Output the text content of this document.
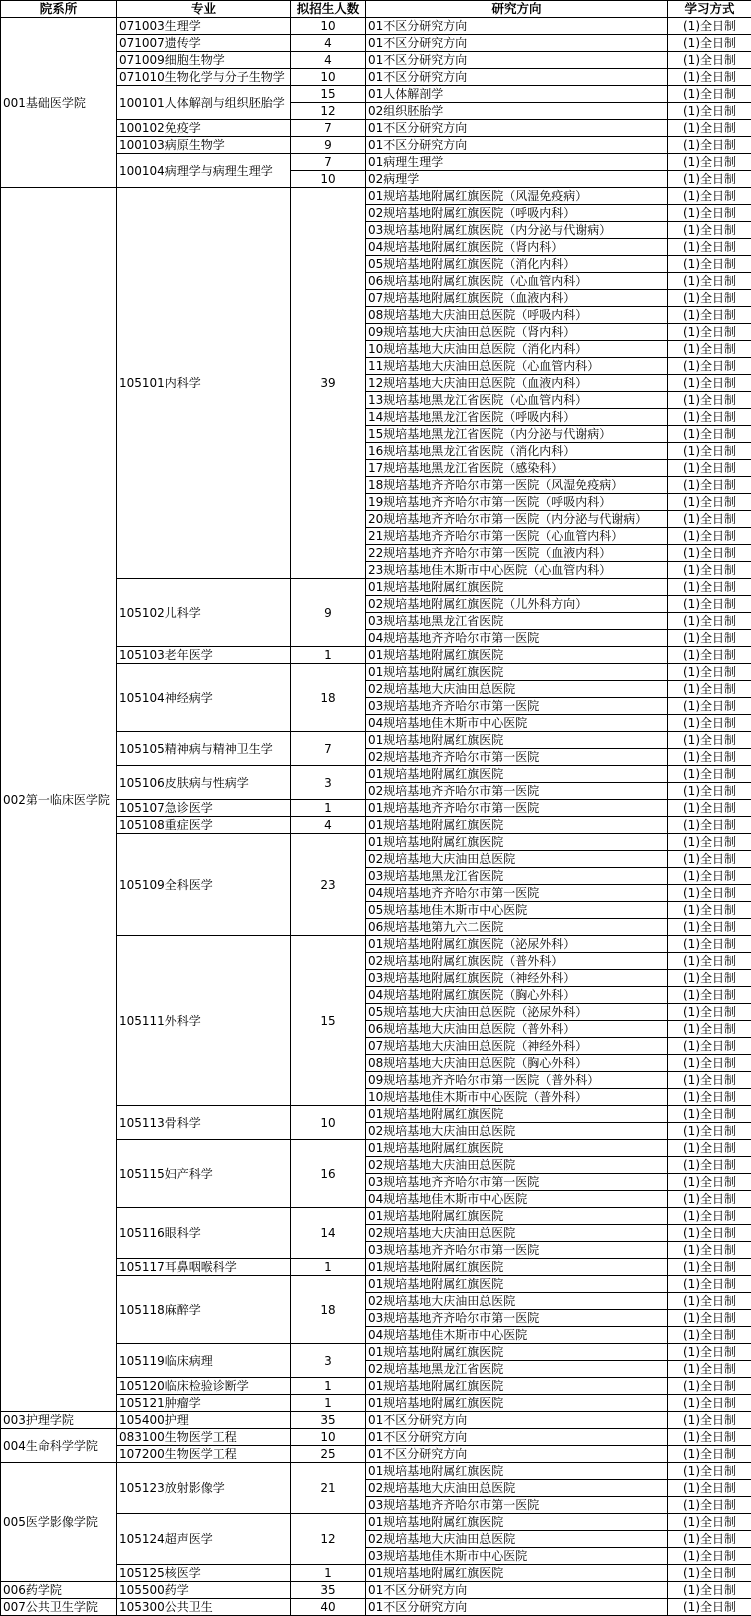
院系所	专业	拟招生人数	研究方向	学习方式
001基础医学院	071003生理学	10	01不区分研究方向	(1)全日制
	071007遗传学	4	01不区分研究方向	(1)全日制
	071009细胞生物学	4	01不区分研究方向	(1)全日制
	071010生物化学与分子生物学	10	01不区分研究方向	(1)全日制
	100101人体解剖与组织胚胎学	15	01人体解剖学	(1)全日制
		12	02组织胚胎学	(1)全日制
	100102免疫学	7	01不区分研究方向	(1)全日制
	100103病原生物学	9	01不区分研究方向	(1)全日制
	100104病理学与病理生理学	7	01病理生理学	(1)全日制
		10	02病理学	(1)全日制
002第一临床医学院	105101内科学	39	01规培基地附属红旗医院（风湿免疫病）	(1)全日制
			02规培基地附属红旗医院（呼吸内科）	(1)全日制
			03规培基地附属红旗医院（内分泌与代谢病）	(1)全日制
			04规培基地附属红旗医院（肾内科）	(1)全日制
			05规培基地附属红旗医院（消化内科）	(1)全日制
			06规培基地附属红旗医院（心血管内科）	(1)全日制
			07规培基地附属红旗医院（血液内科）	(1)全日制
			08规培基地大庆油田总医院（呼吸内科）	(1)全日制
			09规培基地大庆油田总医院（肾内科）	(1)全日制
			10规培基地大庆油田总医院（消化内科）	(1)全日制
			11规培基地大庆油田总医院（心血管内科）	(1)全日制
			12规培基地大庆油田总医院（血液内科）	(1)全日制
			13规培基地黑龙江省医院（心血管内科）	(1)全日制
			14规培基地黑龙江省医院（呼吸内科）	(1)全日制
			15规培基地黑龙江省医院（内分泌与代谢病）	(1)全日制
			16规培基地黑龙江省医院（消化内科）	(1)全日制
			17规培基地黑龙江省医院（感染科）	(1)全日制
			18规培基地齐齐哈尔市第一医院（风湿免疫病）	(1)全日制
			19规培基地齐齐哈尔市第一医院（呼吸内科）	(1)全日制
			20规培基地齐齐哈尔市第一医院（内分泌与代谢病）	(1)全日制
			21规培基地齐齐哈尔市第一医院（心血管内科）	(1)全日制
			22规培基地齐齐哈尔市第一医院（血液内科）	(1)全日制
			23规培基地佳木斯市中心医院（心血管内科）	(1)全日制
	105102儿科学	9	01规培基地附属红旗医院	(1)全日制
			02规培基地附属红旗医院（儿外科方向）	(1)全日制
			03规培基地黑龙江省医院	(1)全日制
			04规培基地齐齐哈尔市第一医院	(1)全日制
	105103老年医学	1	01规培基地附属红旗医院	(1)全日制
	105104神经病学	18	01规培基地附属红旗医院	(1)全日制
			02规培基地大庆油田总医院	(1)全日制
			03规培基地齐齐哈尔市第一医院	(1)全日制
			04规培基地佳木斯市中心医院	(1)全日制
	105105精神病与精神卫生学	7	01规培基地附属红旗医院	(1)全日制
			02规培基地齐齐哈尔市第一医院	(1)全日制
	105106皮肤病与性病学	3	01规培基地附属红旗医院	(1)全日制
			02规培基地齐齐哈尔市第一医院	(1)全日制
	105107急诊医学	1	01规培基地齐齐哈尔市第一医院	(1)全日制
	105108重症医学	4	01规培基地附属红旗医院	(1)全日制
	105109全科医学	23	01规培基地附属红旗医院	(1)全日制
			02规培基地大庆油田总医院	(1)全日制
			03规培基地黑龙江省医院	(1)全日制
			04规培基地齐齐哈尔市第一医院	(1)全日制
			05规培基地佳木斯市中心医院	(1)全日制
			06规培基地第九六二医院	(1)全日制
	105111外科学	15	01规培基地附属红旗医院（泌尿外科）	(1)全日制
			02规培基地附属红旗医院（普外科）	(1)全日制
			03规培基地附属红旗医院（神经外科）	(1)全日制
			04规培基地附属红旗医院（胸心外科）	(1)全日制
			05规培基地大庆油田总医院（泌尿外科）	(1)全日制
			06规培基地大庆油田总医院（普外科）	(1)全日制
			07规培基地大庆油田总医院（神经外科）	(1)全日制
			08规培基地大庆油田总医院（胸心外科）	(1)全日制
			09规培基地齐齐哈尔市第一医院（普外科）	(1)全日制
			10规培基地佳木斯市中心医院（普外科）	(1)全日制
	105113骨科学	10	01规培基地附属红旗医院	(1)全日制
			02规培基地大庆油田总医院	(1)全日制
	105115妇产科学	16	01规培基地附属红旗医院	(1)全日制
			02规培基地大庆油田总医院	(1)全日制
			03规培基地齐齐哈尔市第一医院	(1)全日制
			04规培基地佳木斯市中心医院	(1)全日制
	105116眼科学	14	01规培基地附属红旗医院	(1)全日制
			02规培基地大庆油田总医院	(1)全日制
			03规培基地齐齐哈尔市第一医院	(1)全日制
	105117耳鼻咽喉科学	1	01规培基地附属红旗医院	(1)全日制
	105118麻醉学	18	01规培基地附属红旗医院	(1)全日制
			02规培基地大庆油田总医院	(1)全日制
			03规培基地齐齐哈尔市第一医院	(1)全日制
			04规培基地佳木斯市中心医院	(1)全日制
	105119临床病理	3	01规培基地附属红旗医院	(1)全日制
			02规培基地黑龙江省医院	(1)全日制
	105120临床检验诊断学	1	01规培基地附属红旗医院	(1)全日制
	105121肿瘤学	1	01规培基地附属红旗医院	(1)全日制
003护理学院	105400护理	35	01不区分研究方向	(1)全日制
004生命科学学院	083100生物医学工程	10	01不区分研究方向	(1)全日制
	107200生物医学工程	25	01不区分研究方向	(1)全日制
005医学影像学院	105123放射影像学	21	01规培基地附属红旗医院	(1)全日制
			02规培基地大庆油田总医院	(1)全日制
			03规培基地齐齐哈尔市第一医院	(1)全日制
	105124超声医学	12	01规培基地附属红旗医院	(1)全日制
			02规培基地大庆油田总医院	(1)全日制
			03规培基地佳木斯市中心医院	(1)全日制
	105125核医学	1	01规培基地附属红旗医院	(1)全日制
006药学院	105500药学	35	01不区分研究方向	(1)全日制
007公共卫生学院	105300公共卫生	40	01不区分研究方向	(1)全日制
